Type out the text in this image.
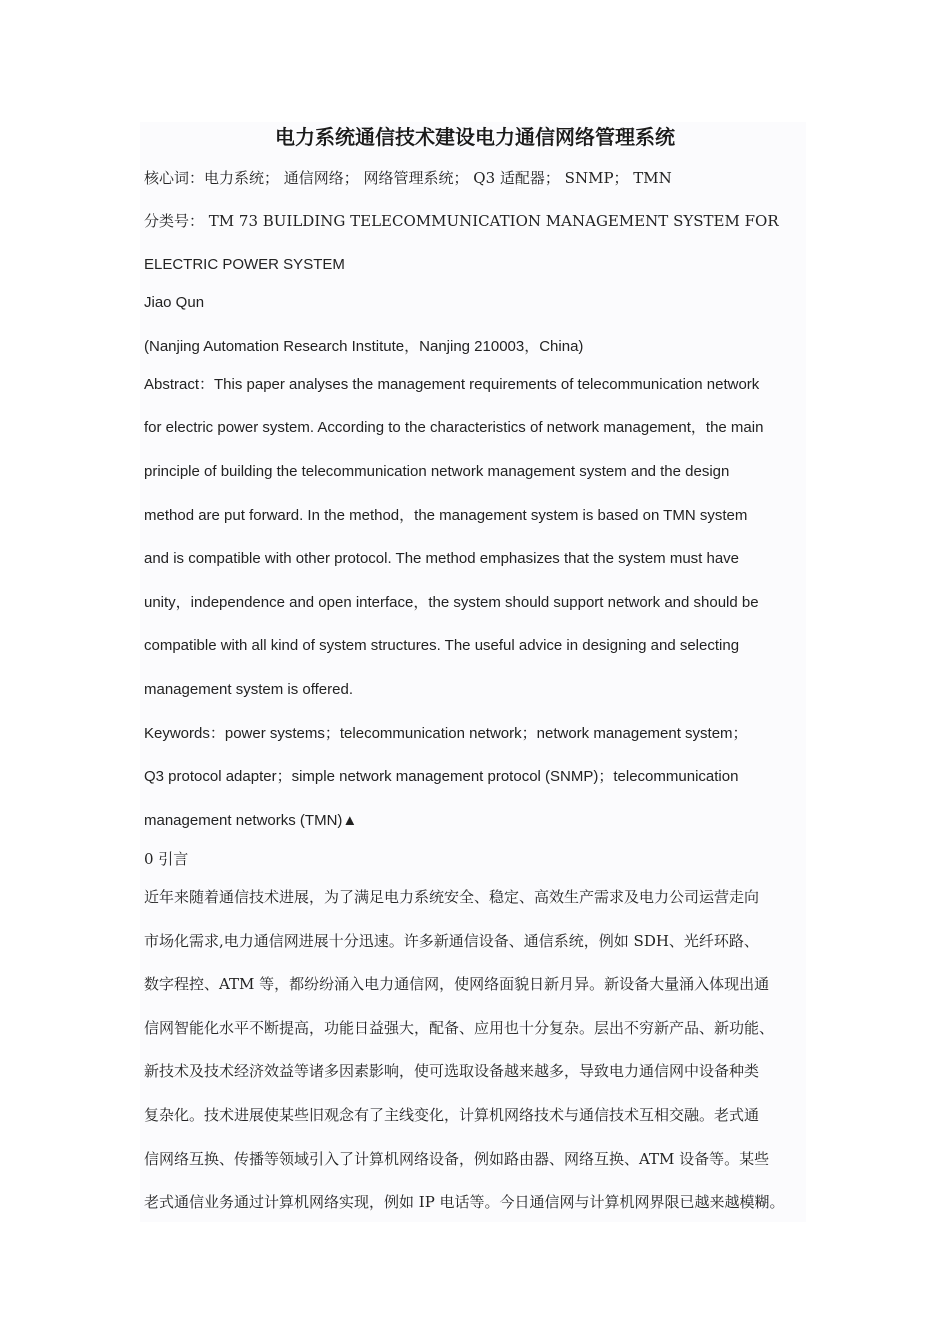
电力系统通信技术建设电力通信网络管理系统
核心词：电力系统； 通信网络； 网络管理系统； Q3 适配器； SNMP； TMN
分类号： TM 73 BUILDING TELECOMMUNICATION MANAGEMENT SYSTEM FOR
ELECTRIC POWER SYSTEM
Jiao Qun
(Nanjing Automation Research Institute，Nanjing 210003，China)
Abstract：This paper analyses the management requirements of telecommunication network
for electric power system. According to the characteristics of network management，the main
principle of building the telecommunication network management system and the design
method are put forward. In the method，the management system is based on TMN system
and is compatible with other protocol. The method emphasizes that the system must have
unity，independence and open interface，the system should support network and should be
compatible with all kind of system structures. The useful advice in designing and selecting
management system is offered.
Keywords：power systems；telecommunication network；network management system；
Q3 protocol adapter；simple network management protocol (SNMP)；telecommunication
management networks (TMN)▲
0 引言
近年来随着通信技术进展，为了满足电力系统安全、稳定、高效生产需求及电力公司运营走向
市场化需求,电力通信网进展十分迅速。许多新通信设备、通信系统，例如 SDH、光纤环路、
数字程控、ATM 等，都纷纷涌入电力通信网，使网络面貌日新月异。新设备大量涌入体现出通
信网智能化水平不断提高，功能日益强大，配备、应用也十分复杂。层出不穷新产品、新功能、
新技术及技术经济效益等诸多因素影响，使可选取设备越来越多，导致电力通信网中设备种类
复杂化。技术进展使某些旧观念有了主线变化，计算机网络技术与通信技术互相交融。老式通
信网络互换、传播等领域引入了计算机网络设备，例如路由器、网络互换、ATM 设备等。某些
老式通信业务通过计算机网络实现，例如 IP 电话等。今日通信网与计算机网界限已越来越模糊。
